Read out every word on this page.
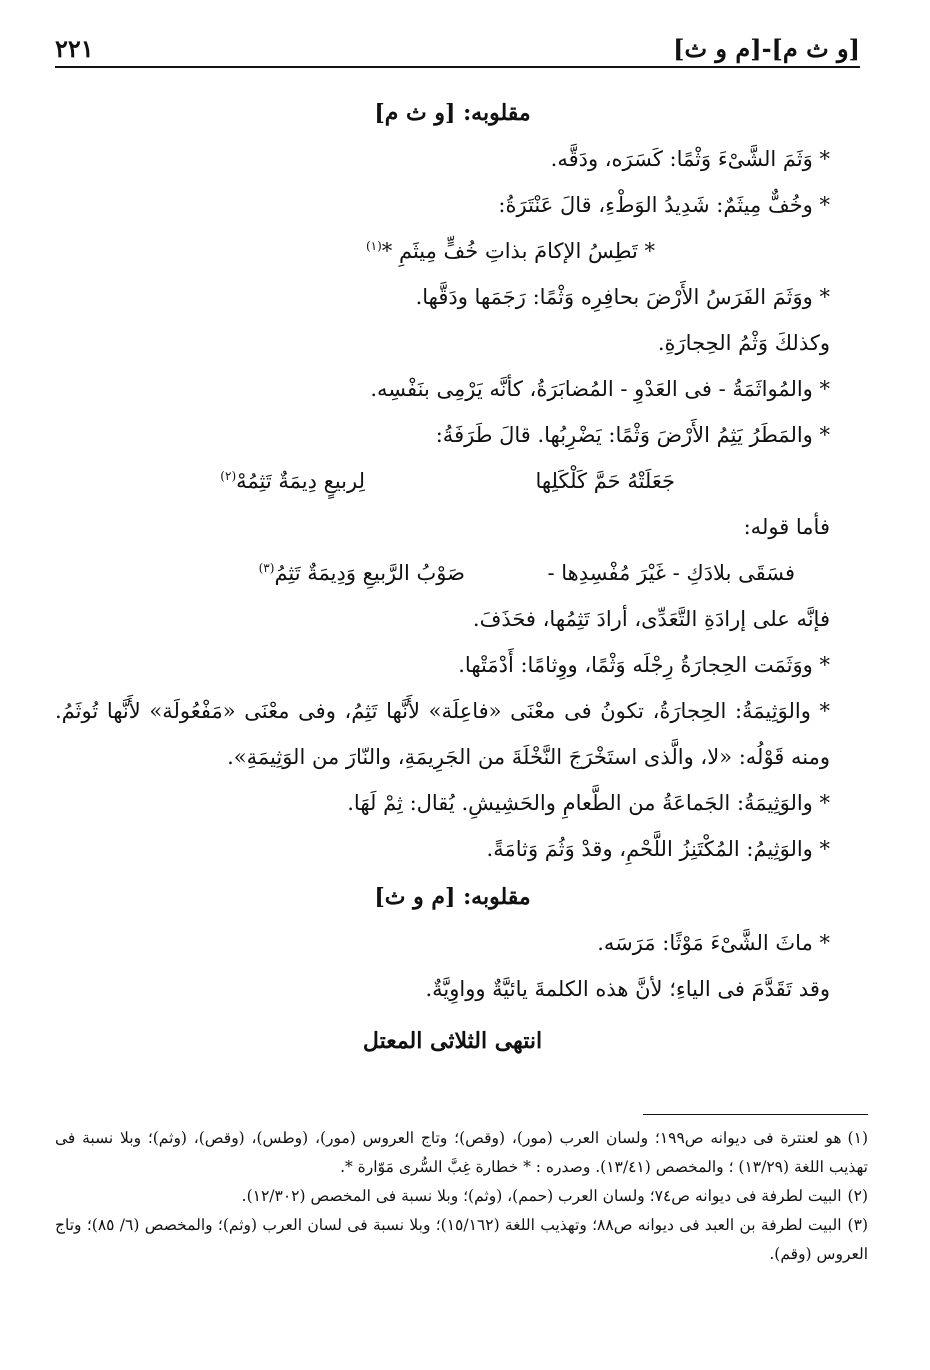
[و ث م]-[م و ث]
٢٢١
مقلوبه: [و ث م]
* وَثَمَ الشَّىْءَ وَثْمًا: كَسَرَه، ودَقَّه.
* وخُفٌّ مِيثَمٌ: شَدِيدُ الوَطْءِ، قالَ عَنْتَرَةُ:
* تَطِسُ الإكامَ بذاتِ خُفٍّ مِيثَمِ *$^{(١)}$
* ووَثَمَ الفَرَسُ الأَرْضَ بحافِرِه وَثْمًا: رَجَمَها ودَقَّها.
وكذلكَ وَثْمُ الحِجارَةِ.
* والمُواثَمَةُ - فى العَدْوِ - المُضابَرَةُ، كأنَّه يَرْمِى بنَفْسِه.
* والمَطَرُ يَثِمُ الأَرْضَ وَثْمًا: يَضْرِبُها. قالَ طَرَفَةُ:
جَعَلَتْهُ حَمَّ كَلْكَلِها
لِربيعٍ دِيمَةٌ تَثِمُهْ$^{(٢)}$
فأما قوله:
فسَقَى بلادَكِ - غَيْرَ مُفْسِدِها -
صَوْبُ الرَّبيعِ وَدِيمَةٌ تَثِمُ$^{(٣)}$
فإنَّه على إرادَةِ التَّعَدِّى، أرادَ تَثِمُها، فحَذَفَ.
* ووَثَمَت الحِجارَةُ رِجْلَه وَثْمًا، ووِثامًا: أَدْمَتْها.
* والوَثِيمَةُ: الحِجارَةُ، تكونُ فى معْنَى «فاعِلَة» لأَنَّها تَثِمُ، وفى معْنَى «مَفْعُولَة» لأَنَّها تُوثَمُ. ومنه قَوْلُه: «لا، والَّذى استَخْرَجَ النَّخْلَةَ من الجَرِيمَةِ، والنّارَ من الوَثِيمَةِ».
* والوَثِيمَةُ: الجَماعَةُ من الطَّعامِ والحَشِيشِ. يُقال: ثِمْ لَهَا.
* والوَثِيمُ: المُكْتَنِزُ اللَّحْمِ، وقدْ وَثُمَ وَثامَةً.
مقلوبه: [م و ث]
* ماثَ الشَّىْءَ مَوْثًا: مَرَسَه.
وقد تَقَدَّمَ فى الياءِ؛ لأنَّ هذه الكلمةَ يائيَّةٌ وواوِيَّةٌ.
انتهى الثلاثى المعتل
(١)هو لعنترة فى ديوانه ص١٩٩؛ ولسان العرب (مور)، (وقص)؛ وتاج العروس (مور)، (وطس)، (وقص)، (وثم)؛ وبلا نسبة فى تهذيب اللغة (١٣/٢٩) ؛ والمخصص (١٣/٤١). وصدره : * خطارة غِبَّ السُّرى مَوّارة *.
(٢)البيت لطرفة فى ديوانه ص٧٤؛ ولسان العرب (حمم)، (وثم)؛ وبلا نسبة فى المخصص (١٢/٣٠٢).
(٣)البيت لطرفة بن العبد فى ديوانه ص٨٨؛ وتهذيب اللغة (١٥/١٦٢)؛ وبلا نسبة فى لسان العرب (وثم)؛ والمخصص (٦/ ٨٥)؛ وتاج العروس (وقم).
